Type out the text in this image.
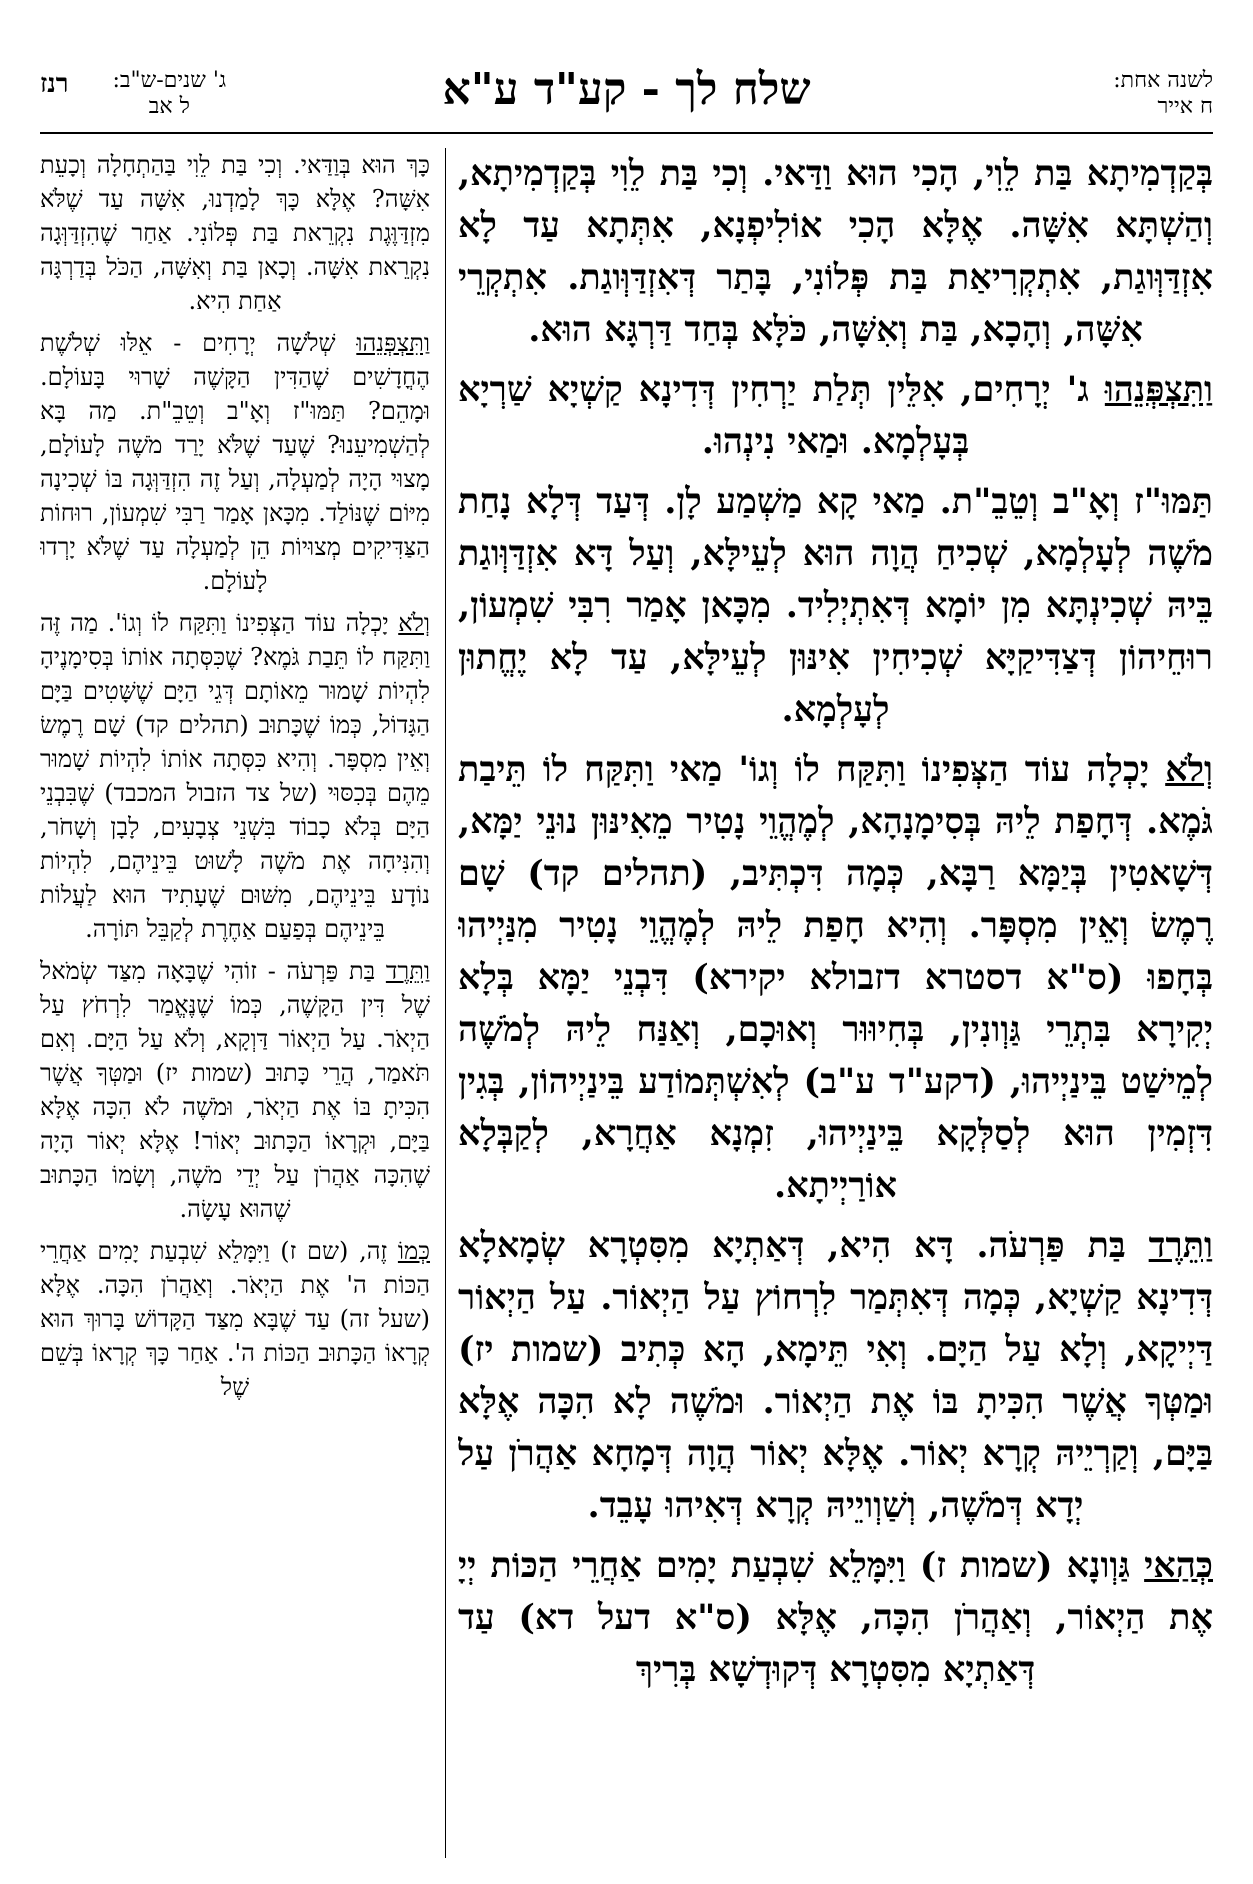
לשנה אחת:
ח אייר
שלח לך - קע"ד ע"א
ג' שנים-ש"ב:
ל אב
רנז

בְּקַדְמִיתָא בַּת לֵוִי, הָכִי הוּא וַדַּאי. וְכִי בַּת לֵוִי בְּקַדְמִיתָא, וְהַשְׁתָּא אִשָּׁה. אֶלָּא הָכִי אוֹלִיפְנָא, אִתְּתָא עַד לָא אִזְדַּוְּוגַת, אִתְקְרִיאַת בַּת פְּלוֹנִי, בָּתַר דְּאִזְדַּוְּוגַת. אִתְקְרֵי אִשָּׁה, וְהָכָא, בַּת וְאִשָּׁה, כֹּלָּא בְּחַד דַּרְגָּא הוּא.

וַתִּצְפְּנֵהוּ ג' יְרָחִים, אִלֵּין תְּלַת יַרְחִין דְּדִינָא קַשְׁיָא שַׁרְיָא בְּעָלְמָא. וּמַאי נִינְהוּ.

תַּמּוּ"ז וְאָ"ב וְטֵבֵ"ת. מַאי קָא מַשְׁמַע לָן. דְּעַד דְּלָא נָחַת מֹשֶׁה לְעָלְמָא, שְׁכִיחַ הֲוָה הוּא לְעֵילָּא, וְעַל דָּא אִזְדַּוְּוגַת בֵּיהּ שְׁכִינְתָּא מִן יוֹמָא דְּאִתְיְלִיד. מִכָּאן אָמַר רִבִּי שִׁמְעוֹן, רוּחֵיהוֹן דְּצַדִּיקַיָּא שְׁכִיחִין אִינּוּן לְעֵילָּא, עַד לָא יֶחֱתוּן לְעָלְמָא.

וְלֹא יָכְלָה עוֹד הַצְּפִינוֹ וַתִּקַּח לוֹ וְגוֹ' מַאי וַתִּקַּח לוֹ תֵּיבַת גֹּמֶא. דְּחָפַת לֵיהּ בְּסִימָנָהָא, לְמֶהֱוֵי נָטִיר מֵאִינּוּן נוּנֵי יַמָּא, דְּשָׁאטִין בְּיַמָּא רַבָּא, כְּמָה דִּכְתִּיב, (תהלים קד) שָׁם רֶמֶשׂ וְאֵין מִסְפָּר. וְהִיא חָפַת לֵיהּ לְמֶהֱוֵי נָטִיר מִנַּיְיהוּ בְּחָפוּ (ס"א דסטרא דזבולא יקירא) דִּבְנֵי יַמָּא בְּלָא יְקִירָא בִּתְרֵי גַּוְונִין, בְּחִיוּוּר וְאוּכָם, וְאַנַּח לֵיהּ לְמֹשֶׁה לְמֵישַׁט בֵּינַיְיהוּ, (דקע"ד ע"ב) לְאִשְׁתְּמוֹדַע בֵּינַיְיהוֹן, בְּגִין דִּזְמִין הוּא לְסַלְּקָא בֵּינַיְיהוּ, זִמְנָא אַחֲרָא, לְקַבְּלָא אוֹרַיְיתָא.

וַתֵּרֶד בַּת פַּרְעֹה. דָּא הִיא, דְּאַתְיָא מִסִּטְרָא שְׂמָאלָא דְּדִינָא קַשְׁיָא, כְּמָה דְּאִתְּמַר לִרְחוֹץ עַל הַיְאוֹר. עַל הַיְאוֹר דַּיְיקָא, וְלָא עַל הַיָּם. וְאִי תֵּימָא, הָא כְּתִיב (שמות יז) וּמַטְּךָ אֲשֶׁר הִכִּיתָ בּוֹ אֶת הַיְאוֹר. וּמֹשֶׁה לָא הִכָּה אֶלָּא בַּיָּם, וְקַרְיֵיהּ קְרָא יְאוֹר. אֶלָּא יְאוֹר הֲוָה דְּמָחָא אַהֲרֹן עַל יְדָא דְּמֹשֶׁה, וְשַׁוְויֵיהּ קְרָא דְּאִיהוּ עָבֵד.

כְּהַאי גַּוְונָא (שמות ז) וַיִּמָּלֵא שִׁבְעַת יָמִים אַחֲרֵי הַכּוֹת יְיָ אֶת הַיְאוֹר, וְאַהֲרֹן הִכָּה, אֶלָּא (ס"א דעל דא) עַד דְּאַתְיָא מִסִּטְרָא דְּקוּדְשָׁא בְּרִיךְ

כָּךְ הוּא בְּוַדַּאי. וְכִי בַּת לֵוִי בַּהַתְחָלָה וְכָעֵת אִשָּׁה? אֶלָּא כָּךְ לָמַדְנוּ, אִשָּׁה עַד שֶׁלֹּא מִזְדַּוֶּגֶת נִקְרֵאת בַּת פְּלוֹנִי. אַחַר שֶׁהִזְדַּוְּגָה נִקְרֵאת אִשָּׁה. וְכָאן בַּת וְאִשָּׁה, הַכֹּל בְּדַרְגָּה אַחַת הִיא.

וַתִּצְפְּנֵהוּ שְׁלֹשָׁה יְרָחִים - אֵלּוּ שְׁלֹשֶׁת הֶחֳדָשִׁים שֶׁהַדִּין הַקָּשֶׁה שָׁרוּי בָּעוֹלָם. וּמָהֵם? תַּמּוּ"ז וְאָ"ב וְטֵבֵ"ת. מַה בָּא לְהַשְׁמִיעֵנוּ? שֶׁעַד שֶׁלֹּא יָרַד מֹשֶׁה לָעוֹלָם, מָצוּי הָיָה לְמַעְלָה, וְעַל זֶה הִזְדַּוְּגָה בּוֹ שְׁכִינָה מִיּוֹם שֶׁנּוֹלַד. מִכָּאן אָמַר רַבִּי שִׁמְעוֹן, רוּחוֹת הַצַּדִּיקִים מְצוּיוֹת הֵן לְמַעְלָה עַד שֶׁלֹּא יָרְדוּ לָעוֹלָם.

וְלֹא יָכְלָה עוֹד הַצְּפִינוֹ וַתִּקַּח לוֹ וְגוֹ'. מַה זֶּה וַתִּקַּח לוֹ תֵּבַת גֹּמֶא? שֶׁכִּסְּתָה אוֹתוֹ בְּסִימָנֶיהָ לִהְיוֹת שָׁמוּר מֵאוֹתָם דְּגֵי הַיָּם שֶׁשָּׁטִים בַּיָּם הַגָּדוֹל, כְּמוֹ שֶׁכָּתוּב (תהלים קד) שָׁם רֶמֶשׂ וְאֵין מִסְפָּר. וְהִיא כִּסְּתָה אוֹתוֹ לִהְיוֹת שָׁמוּר מֵהֶם בְּכִסּוּי (של צד הזבול המכבד) שֶׁבִּבְנֵי הַיָּם בְּלֹא כָבוֹד בִּשְׁנֵי צְבָעִים, לָבָן וְשָׁחֹר, וְהִנִּיחָה אֶת מֹשֶׁה לָשׁוּט בֵּינֵיהֶם, לִהְיוֹת נוֹדָע בֵּינֵיהֶם, מִשּׁוּם שֶׁעָתִיד הוּא לַעֲלוֹת בֵּינֵיהֶם בְּפַעַם אַחֶרֶת לְקַבֵּל תּוֹרָה.

וַתֵּרֶד בַּת פַּרְעֹה - זוֹהִי שֶׁבָּאָה מִצַּד שְׂמֹאל שֶׁל דִּין הַקָּשֶׁה, כְּמוֹ שֶׁנֶּאֱמַר לִרְחֹץ עַל הַיְאֹר. עַל הַיְאוֹר דַּוְקָא, וְלֹא עַל הַיָּם. וְאִם תֹּאמַר, הֲרֵי כָּתוּב (שמות יז) וּמַטְּךָ אֲשֶׁר הִכִּיתָ בּוֹ אֶת הַיְאֹר, וּמֹשֶׁה לֹא הִכָּה אֶלָּא בַּיָּם, וּקְרָאוֹ הַכָּתוּב יְאוֹר! אֶלָּא יְאוֹר הָיָה שֶׁהִכָּה אַהֲרֹן עַל יְדֵי מֹשֶׁה, וְשָׂמוֹ הַכָּתוּב שֶׁהוּא עָשָׂה.

כְּמוֹ זֶה, (שם ז) וַיִּמָּלֵא שִׁבְעַת יָמִים אַחֲרֵי הַכּוֹת ה' אֶת הַיְאֹר. וְאַהֲרֹן הִכָּה. אֶלָּא (שעל זה) עַד שֶׁבָּא מִצַּד הַקָּדוֹשׁ בָּרוּךְ הוּא קְרָאוֹ הַכָּתוּב הַכּוֹת ה'. אַחַר כָּךְ קְרָאוֹ בְּשֵׁם שֶׁל
